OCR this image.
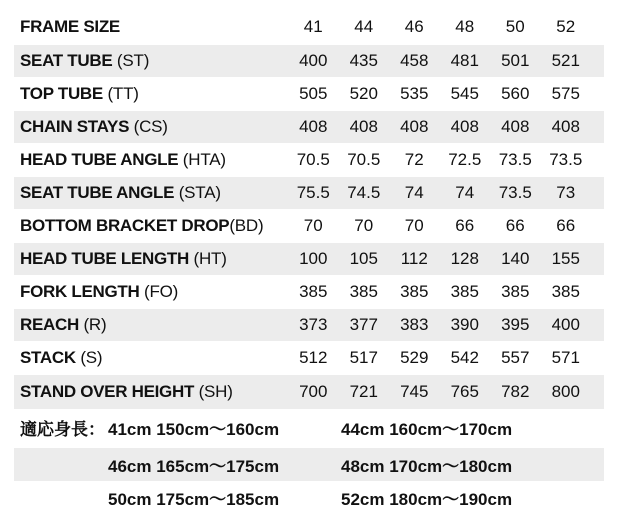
FRAME SIZE	41	44	46	48	50	52
SEAT TUBE (ST)	400	435	458	481	501	521
TOP TUBE (TT)	505	520	535	545	560	575
CHAIN STAYS (CS)	408	408	408	408	408	408
HEAD TUBE ANGLE (HTA)	70.5	70.5	72	72.5	73.5	73.5
SEAT TUBE ANGLE (STA)	75.5	74.5	74	74	73.5	73
BOTTOM BRACKET DROP(BD)	70	70	70	66	66	66
HEAD TUBE LENGTH (HT)	100	105	112	128	140	155
FORK LENGTH (FO)	385	385	385	385	385	385
REACH (R)	373	377	383	390	395	400
STACK (S)	512	517	529	542	557	571
STAND OVER HEIGHT (SH)	700	721	745	765	782	800
適応身長： 41cm 150cm〜160cm	44cm 160cm〜170cm
46cm 165cm〜175cm	48cm 170cm〜180cm
50cm 175cm〜185cm	52cm 180cm〜190cm
